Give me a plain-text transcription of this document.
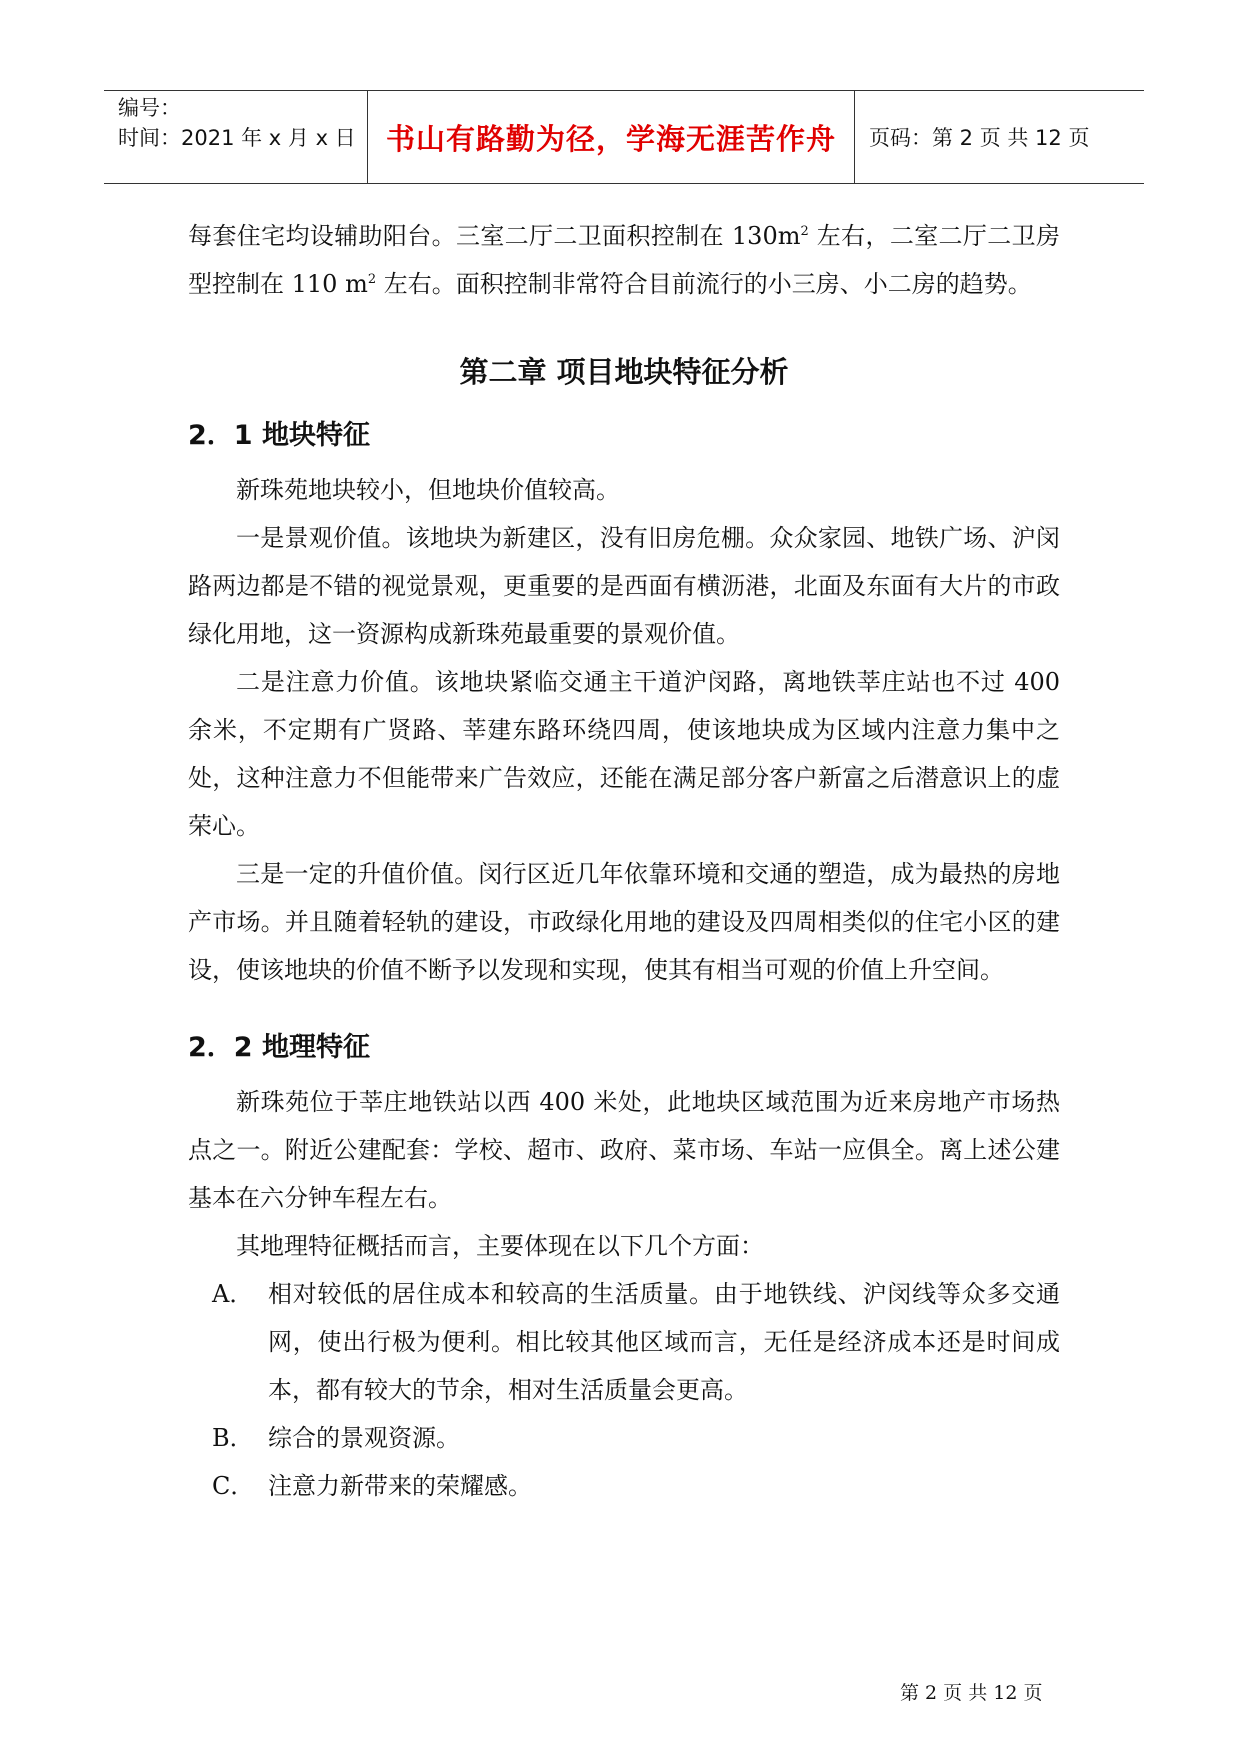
编号：
时间：2021 年 x 月 x 日	书山有路勤为径，学海无涯苦作舟	页码：第 2 页 共 12 页

每套住宅均设辅助阳台。三室二厅二卫面积控制在 $130m^2$ 左右，二室二厅二卫房型控制在 110 $m^2$ 左右。面积控制非常符合目前流行的小三房、小二房的趋势。

第二章 项目地块特征分析
2．1 地块特征

新珠苑地块较小，但地块价值较高。

一是景观价值。该地块为新建区，没有旧房危棚。众众家园、地铁广场、沪闵路两边都是不错的视觉景观，更重要的是西面有横沥港，北面及东面有大片的市政绿化用地，这一资源构成新珠苑最重要的景观价值。

二是注意力价值。该地块紧临交通主干道沪闵路，离地铁莘庄站也不过 400 余米，不定期有广贤路、莘建东路环绕四周，使该地块成为区域内注意力集中之处，这种注意力不但能带来广告效应，还能在满足部分客户新富之后潜意识上的虚荣心。

三是一定的升值价值。闵行区近几年依靠环境和交通的塑造，成为最热的房地产市场。并且随着轻轨的建设，市政绿化用地的建设及四周相类似的住宅小区的建设，使该地块的价值不断予以发现和实现，使其有相当可观的价值上升空间。

2．2 地理特征

新珠苑位于莘庄地铁站以西 400 米处，此地块区域范围为近来房地产市场热点之一。附近公建配套：学校、超市、政府、菜市场、车站一应俱全。离上述公建基本在六分钟车程左右。

其地理特征概括而言，主要体现在以下几个方面：

A． 相对较低的居住成本和较高的生活质量。由于地铁线、沪闵线等众多交通网，使出行极为便利。相比较其他区域而言，无任是经济成本还是时间成本，都有较大的节余，相对生活质量会更高。
B． 综合的景观资源。
C． 注意力新带来的荣耀感。
第 2 页 共 12 页
